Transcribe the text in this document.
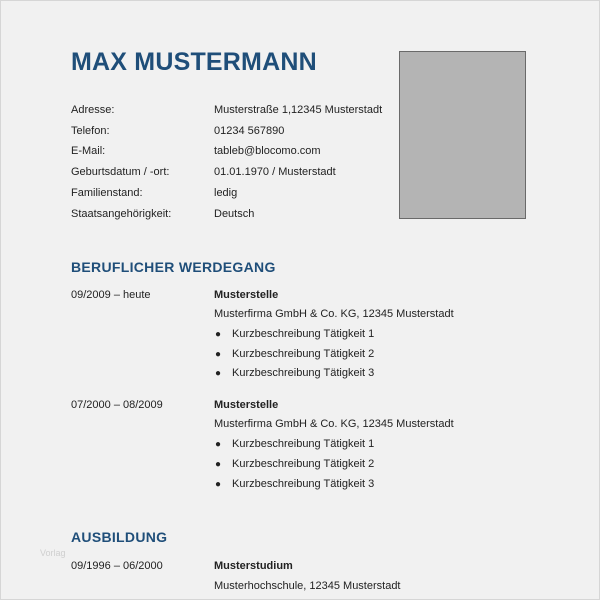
MAX MUSTERMANN
Adresse:	Musterstraße 1,12345 Musterstadt
Telefon:	01234 567890
E-Mail:	tableb@blocomo.com
Geburtsdatum / -ort:	01.01.1970 / Musterstadt
Familienstand:	ledig
Staatsangehörigkeit:	Deutsch
BERUFLICHER WERDEGANG
09/2009 – heute	Musterstelle
Musterfirma GmbH & Co. KG, 12345 Musterstadt
● Kurzbeschreibung Tätigkeit 1
● Kurzbeschreibung Tätigkeit 2
● Kurzbeschreibung Tätigkeit 3
07/2000 – 08/2009	Musterstelle
Musterfirma GmbH & Co. KG, 12345 Musterstadt
● Kurzbeschreibung Tätigkeit 1
● Kurzbeschreibung Tätigkeit 2
● Kurzbeschreibung Tätigkeit 3
AUSBILDUNG
Vorlag
09/1996 – 06/2000	Musterstudium
Musterhochschule, 12345 Musterstadt
